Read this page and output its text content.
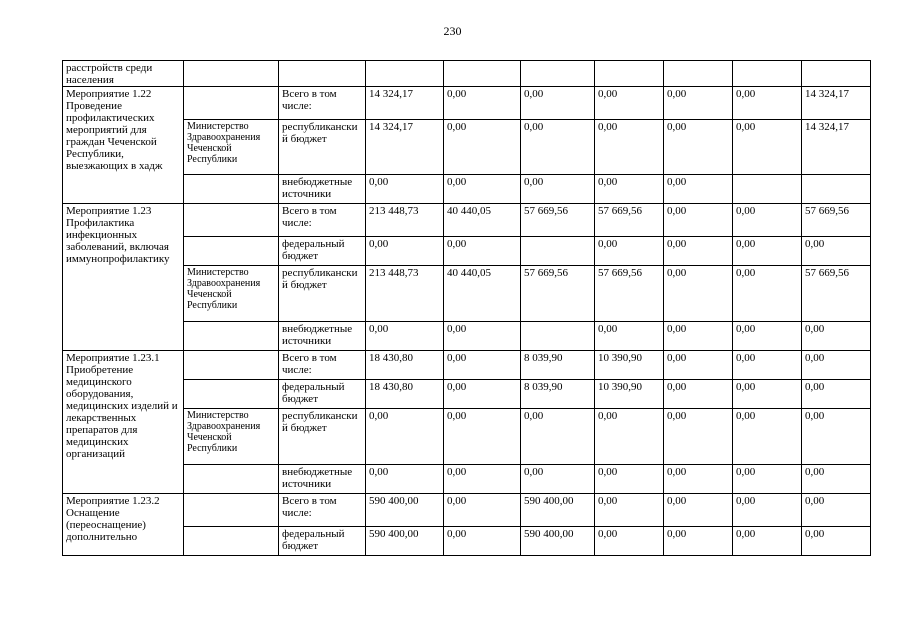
230
расстройств среди населения									
Мероприятие 1.22 Проведение профилактических мероприятий для граждан Чеченской Республики, выезжающих в хадж		Всего в том числе:	14 324,17	0,00	0,00	0,00	0,00	0,00	14 324,17
	Министерство Здравоохранения Чеченской Республики	республиканский бюджет	14 324,17	0,00	0,00	0,00	0,00	0,00	14 324,17
		внебюджетные источники	0,00	0,00	0,00	0,00	0,00		
Мероприятие 1.23 Профилактика инфекционных заболеваний, включая иммунопрофилактику		Всего в том числе:	213 448,73	40 440,05	57 669,56	57 669,56	0,00	0,00	57 669,56
		федеральный бюджет	0,00	0,00		0,00	0,00	0,00	0,00
	Министерство Здравоохранения Чеченской Республики	республиканский бюджет	213 448,73	40 440,05	57 669,56	57 669,56	0,00	0,00	57 669,56
		внебюджетные источники	0,00	0,00		0,00	0,00	0,00	0,00
Мероприятие 1.23.1 Приобретение медицинского оборудования, медицинских изделий и лекарственных препаратов для медицинских организаций		Всего в том числе:	18 430,80	0,00	8 039,90	10 390,90	0,00	0,00	0,00
		федеральный бюджет	18 430,80	0,00	8 039,90	10 390,90	0,00	0,00	0,00
	Министерство Здравоохранения Чеченской Республики	республиканский бюджет	0,00	0,00	0,00	0,00	0,00	0,00	0,00
		внебюджетные источники	0,00	0,00	0,00	0,00	0,00	0,00	0,00
Мероприятие 1.23.2 Оснащение (переоснащение) дополнительно		Всего в том числе:	590 400,00	0,00	590 400,00	0,00	0,00	0,00	0,00
		федеральный бюджет	590 400,00	0,00	590 400,00	0,00	0,00	0,00	0,00
